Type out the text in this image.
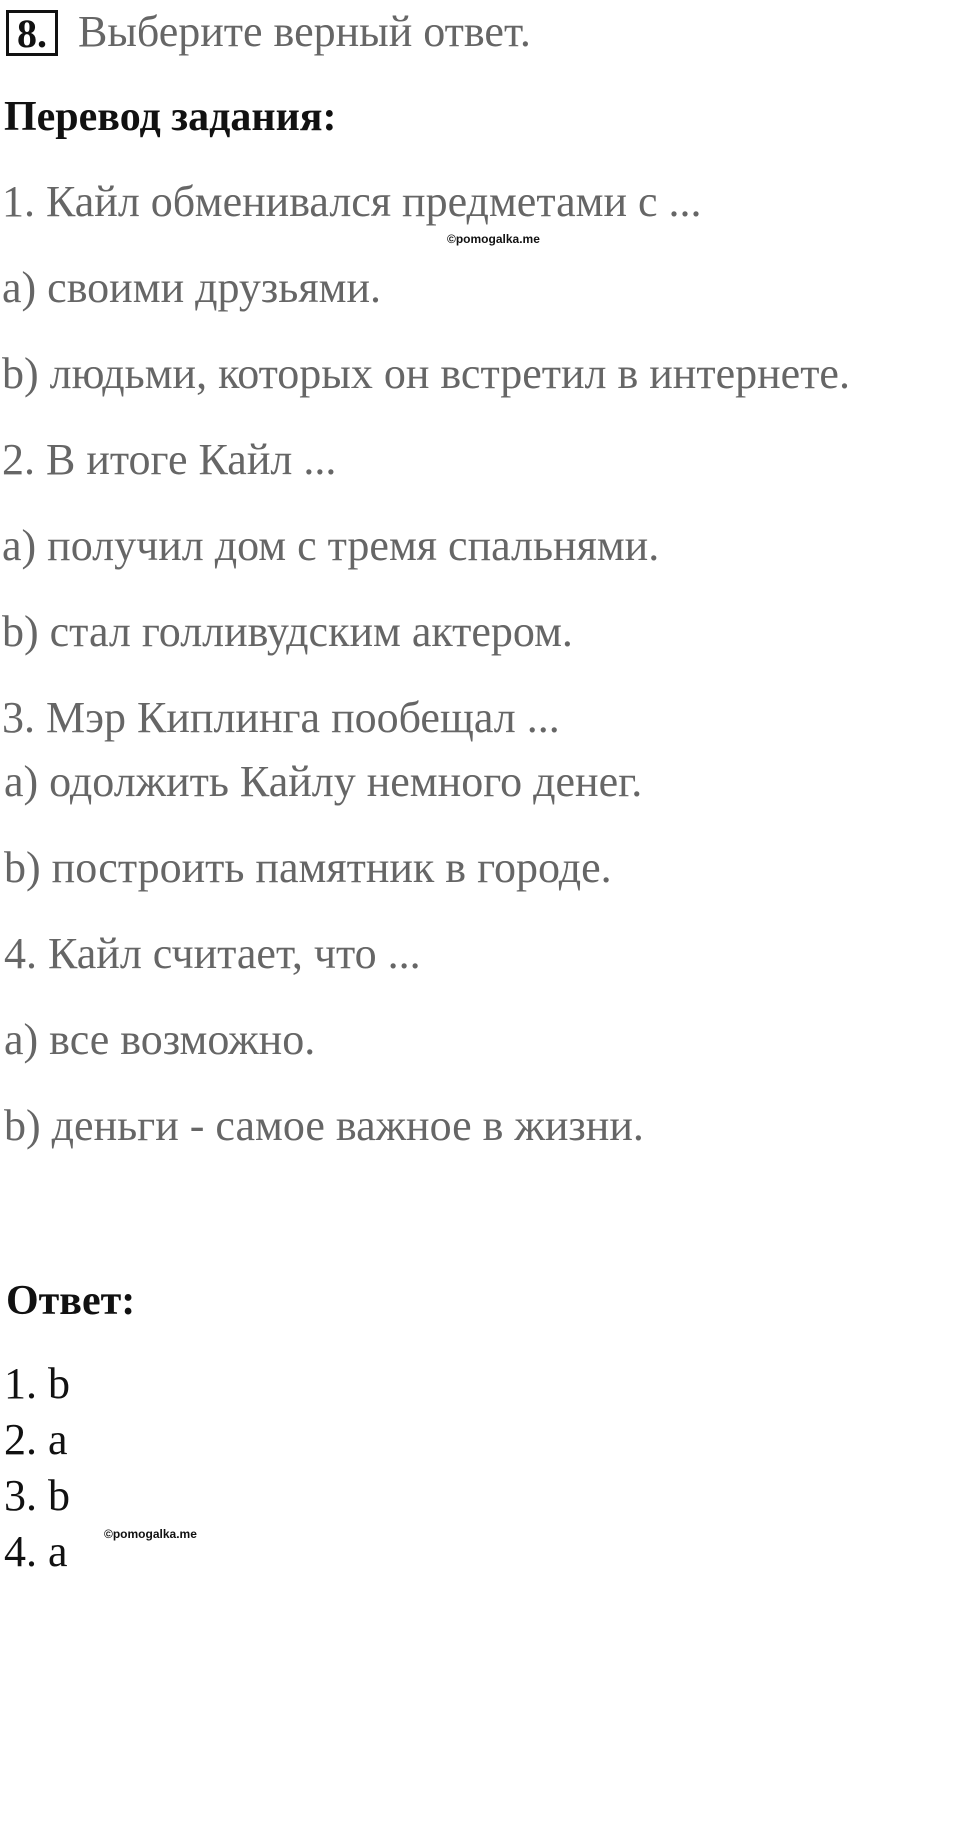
8. Выберите верный ответ.
Перевод задания:
1. Кайл обменивался предметами с ...
©pomogalka.me
а) своими друзьями.
b) людьми, которых он встретил в интернете.
2. В итоге Кайл ...
а) получил дом с тремя спальнями.
b) стал голливудским актером.
3. Мэр Киплинга пообещал ...
а) одолжить Кайлу немного денег.
b) построить памятник в городе.
4. Кайл считает, что ...
а) все возможно.
b) деньги - самое важное в жизни.
Ответ:
1. b
2. а
3. b
4. а	©pomogalka.me
